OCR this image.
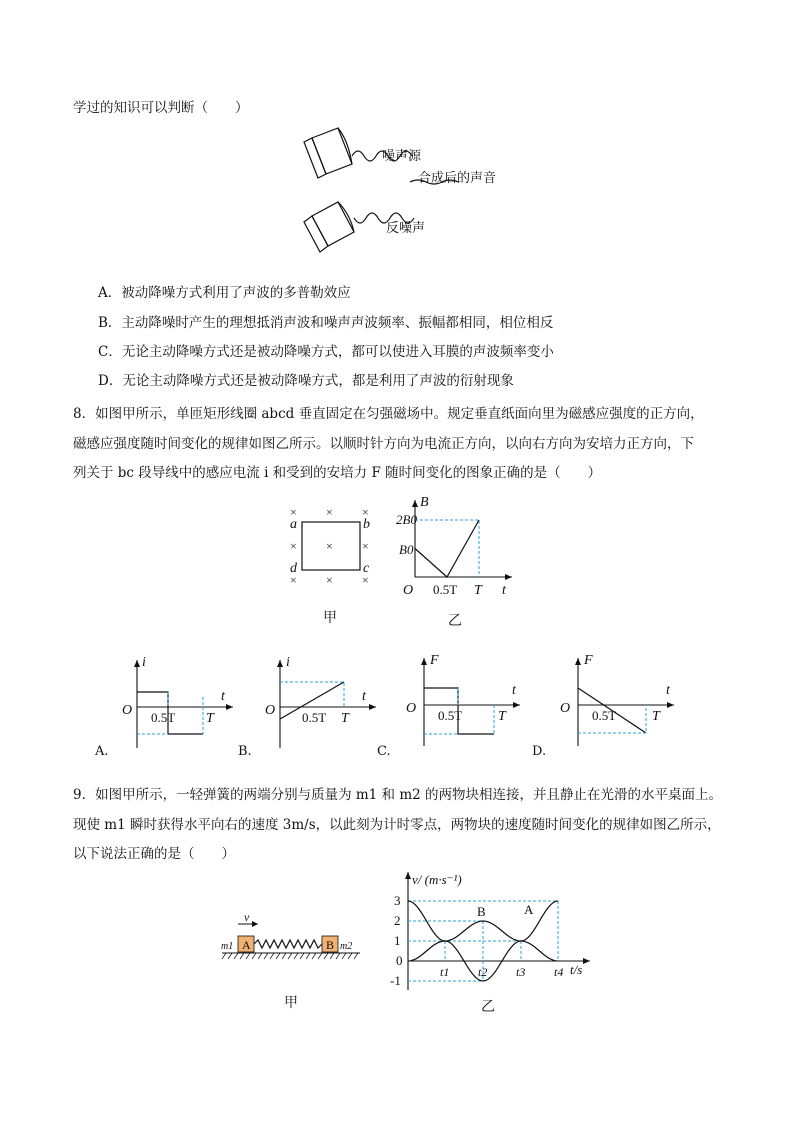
学过的知识可以判断（　　）
噪声源
合成后的声音
反噪声
A．被动降噪方式利用了声波的多普勒效应
B．主动降噪时产生的理想抵消声波和噪声声波频率、振幅都相同，相位相反
C．无论主动降噪方式还是被动降噪方式，都可以使进入耳膜的声波频率变小
D．无论主动降噪方式还是被动降噪方式，都是利用了声波的衍射现象
8．如图甲所示，单匝矩形线圈 abcd 垂直固定在匀强磁场中。规定垂直纸面向里为磁感应强度的正方向，
磁感应强度随时间变化的规律如图乙所示。以顺时针方向为电流正方向，以向右方向为安培力正方向，下
列关于 bc 段导线中的感应电流 i 和受到的安培力 F 随时间变化的图象正确的是（　　）
× × ×
× × ×
× × ×
a	b
c
d
甲
B
2B0
B0
O 0.5T T t
乙
A.	B.	C.	D.
i
O 0.5T T
t
i
O 0.5T T
t
F
O 0.5T	T
t
F
O 0.5T	T
t
9．如图甲所示，一轻弹簧的两端分别与质量为 m1 和 m2 的两物块相连接，并且静止在光滑的水平桌面上。
现使 m1 瞬时获得水平向右的速度 3m/s，以此刻为计时零点，两物块的速度随时间变化的规律如图乙所示，
以下说法正确的是（　　）
v
A	B
m1	m2
甲
v/ (m·s⁻¹)
3
2
1
0
-1
t1 t2 t3 t4 t/s
B	A
乙
